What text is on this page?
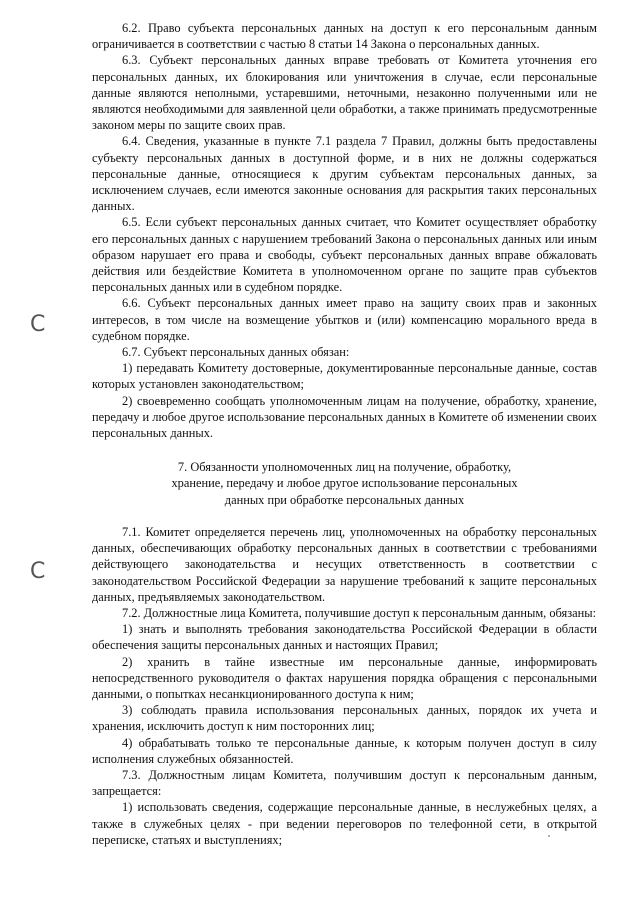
C
C

6.2. Право субъекта персональных данных на доступ к его персональным данным ограничивается в соответствии с частью 8 статьи 14 Закона о персональных данных.

6.3. Субъект персональных данных вправе требовать от Комитета уточнения его персональных данных, их блокирования или уничтожения в случае, если персональные данные являются неполными, устаревшими, неточными, незаконно полученными или не являются необходимыми для заявленной цели обработки, а также принимать предусмотренные законом меры по защите своих прав.

6.4. Сведения, указанные в пункте 7.1 раздела 7 Правил, должны быть предоставлены субъекту персональных данных в доступной форме, и в них не должны содержаться персональные данные, относящиеся к другим субъектам персональных данных, за исключением случаев, если имеются законные основания для раскрытия таких персональных данных.

6.5. Если субъект персональных данных считает, что Комитет осуществляет обработку его персональных данных с нарушением требований Закона о персональных данных или иным образом нарушает его права и свободы, субъект персональных данных вправе обжаловать действия или бездействие Комитета в уполномоченном органе по защите прав субъектов персональных данных или в судебном порядке.

6.6. Субъект персональных данных имеет право на защиту своих прав и законных интересов, в том числе на возмещение убытков и (или) компенсацию морального вреда в судебном порядке.

6.7. Субъект персональных данных обязан:

1) передавать Комитету достоверные, документированные персональные данные, состав которых установлен законодательством;

2) своевременно сообщать уполномоченным лицам на получение, обработку, хранение, передачу и любое другое использование персональных данных в Комитете об изменении своих персональных данных.

7. Обязанности уполномоченных лиц на получение, обработку,
хранение, передачу и любое другое использование персональных
данных при обработке персональных данных

7.1. Комитет определяется перечень лиц, уполномоченных на обработку персональных данных, обеспечивающих обработку персональных данных в соответствии с требованиями действующего законодательства и несущих ответственность в соответствии с законодательством Российской Федерации за нарушение требований к защите персональных данных, предъявляемых законодательством.

7.2. Должностные лица Комитета, получившие доступ к персональным данным, обязаны:

1) знать и выполнять требования законодательства Российской Федерации в области обеспечения защиты персональных данных и настоящих Правил;

2) хранить в тайне известные им персональные данные, информировать непосредственного руководителя о фактах нарушения порядка обращения с персональными данными, о попытках несанкционированного доступа к ним;

3) соблюдать правила использования персональных данных, порядок их учета и хранения, исключить доступ к ним посторонних лиц;

4) обрабатывать только те персональные данные, к которым получен доступ в силу исполнения служебных обязанностей.

7.3. Должностным лицам Комитета, получившим доступ к персональным данным, запрещается:

1) использовать сведения, содержащие персональные данные, в неслужебных целях, а также в служебных целях - при ведении переговоров по телефонной сети, в открытой переписке, статьях и выступлениях;
